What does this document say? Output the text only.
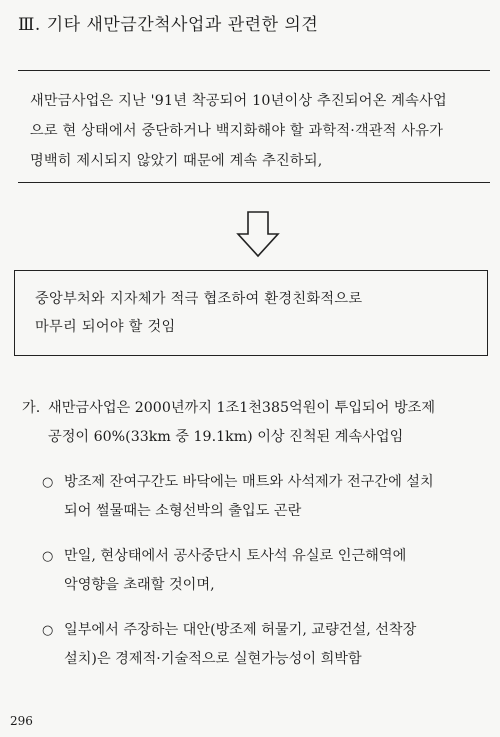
Ⅲ. 기타 새만금간척사업과 관련한 의견
새만금사업은 지난 '91년 착공되어 10년이상 추진되어온 계속사업
으로 현 상태에서 중단하거나 백지화해야 할 과학적·객관적 사유가
명백히 제시되지 않았기 때문에 계속 추진하되,
중앙부처와 지자체가 적극 협조하여 환경친화적으로
마무리 되어야 할 것임
가. 새만금사업은 2000년까지 1조1천385억원이 투입되어 방조제
공정이 60%(33km 중 19.1km) 이상 진척된 계속사업임
○ 방조제 잔여구간도 바닥에는 매트와 사석제가 전구간에 설치
되어 썰물때는 소형선박의 출입도 곤란
○ 만일, 현상태에서 공사중단시 토사석 유실로 인근해역에
악영향을 초래할 것이며,
○ 일부에서 주장하는 대안(방조제 허물기, 교량건설, 선착장
설치)은 경제적·기술적으로 실현가능성이 희박함
296
